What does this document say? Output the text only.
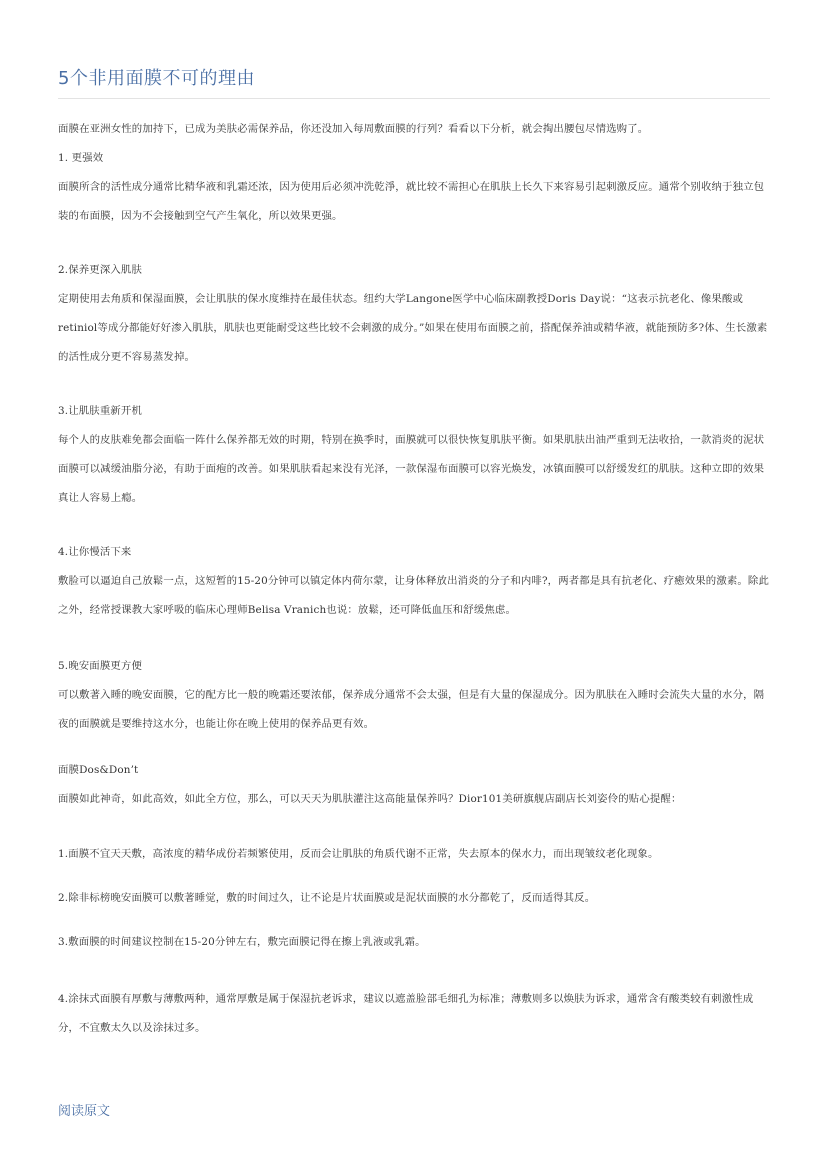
5个非用面膜不可的理由
面膜在亚洲女性的加持下，已成为美肤必需保养品，你还没加入每周敷面膜的行列？看看以下分析，就会掏出腰包尽情选购了。
1. 更强效
面膜所含的活性成分通常比精华液和乳霜还浓，因为使用后必须冲洗乾淨，就比较不需担心在肌肤上长久下来容易引起刺激反应。通常个别收纳于独立包装的布面膜，因为不会接触到空气产生氧化，所以效果更强。
2.保养更深入肌肤
定期使用去角质和保湿面膜，会让肌肤的保水度维持在最佳状态。纽约大学Langone医学中心临床副教授Doris Day说：“这表示抗老化、像果酸或retiniol等成分都能好好渗入肌肤，肌肤也更能耐受这些比较不会刺激的成分。”如果在使用布面膜之前，搭配保养油或精华液，就能预防多?体、生长激素的活性成分更不容易蒸发掉。
3.让肌肤重新开机
每个人的皮肤难免都会面临一阵什么保养都无效的时期，特别在换季时，面膜就可以很快恢复肌肤平衡。如果肌肤出油严重到无法收拾，一款消炎的泥状面膜可以减缓油脂分泌，有助于面疱的改善。如果肌肤看起来没有光泽，一款保湿布面膜可以容光焕发，冰镇面膜可以舒缓发红的肌肤。这种立即的效果真让人容易上瘾。
4.让你慢活下来
敷脸可以逼迫自己放鬆一点，这短暂的15-20分钟可以镇定体内荷尔蒙，让身体释放出消炎的分子和内啡?，两者都是具有抗老化、疗癒效果的激素。除此之外，经常授课教大家呼吸的临床心理师Belisa Vranich也说：放鬆，还可降低血压和舒缓焦虑。
5.晚安面膜更方便
可以敷著入睡的晚安面膜，它的配方比一般的晚霜还要浓郁，保养成分通常不会太强，但是有大量的保湿成分。因为肌肤在入睡时会流失大量的水分，隔夜的面膜就是要维持这水分，也能让你在晚上使用的保养品更有效。
面膜Dos&Don’t
面膜如此神奇，如此高效，如此全方位，那么，可以天天为肌肤灌注这高能量保养吗？Dior101美研旗舰店副店长刘姿伶的贴心提醒：
1.面膜不宜天天敷，高浓度的精华成份若频繁使用，反而会让肌肤的角质代谢不正常，失去原本的保水力，而出现皱纹老化现象。
2.除非标榜晚安面膜可以敷著睡觉，敷的时间过久，让不论是片状面膜或是泥状面膜的水分都乾了，反而适得其反。
3.敷面膜的时间建议控制在15-20分钟左右，敷完面膜记得在擦上乳液或乳霜。
4.涂抹式面膜有厚敷与薄敷两种，通常厚敷是属于保湿抗老诉求，建议以遮盖脸部毛细孔为标准；薄敷则多以焕肤为诉求，通常含有酸类较有刺激性成分，不宜敷太久以及涂抹过多。
阅读原文
